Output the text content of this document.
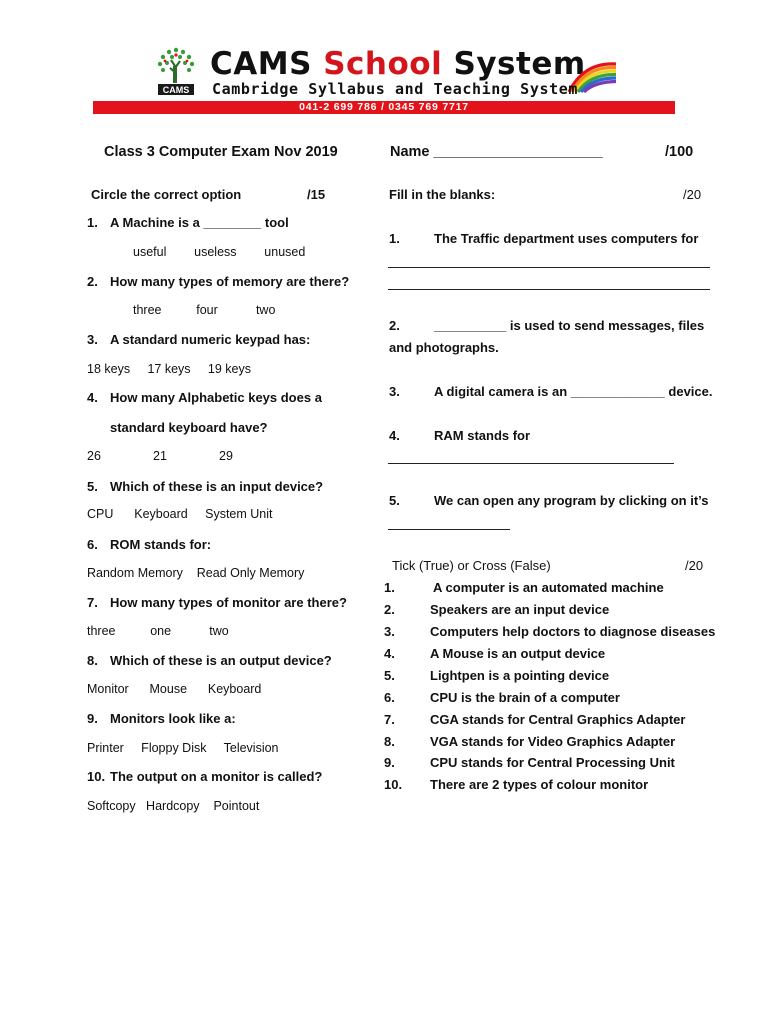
CAMS
CAMS School System
Cambridge Syllabus and Teaching System
041-2 699 786 / 0345 769 7717
Class 3 Computer Exam Nov 2019	Name _____________________	/100
Circle the correct option	/15
1. A Machine is a ________ tool
useful        useless        unused
2. How many types of memory are there?
three          four           two
3. A standard numeric keypad has:
18 keys     17 keys     19 keys
4. How many Alphabetic keys does a
standard keyboard have?
26               21               29
5. Which of these is an input device?
CPU      Keyboard     System Unit
6. ROM stands for:
Random Memory    Read Only Memory
7. How many types of monitor are there?
three          one           two
8. Which of these is an output device?
Monitor      Mouse      Keyboard
9. Monitors look like a:
Printer     Floppy Disk     Television
10. The output on a monitor is called?
Softcopy   Hardcopy    Pointout
Fill in the blanks:	/20
1.	The Traffic department uses computers for
2.	__________ is used to send messages, files
and photographs.
3.	A digital camera is an _____________ device.
4.	RAM stands for
5.	We can open any program by clicking on it’s
Tick (True) or Cross (False)	/20
1.	A computer is an automated machine
2.	Speakers are an input device
3.	Computers help doctors to diagnose diseases
4.	A Mouse is an output device
5.	Lightpen is a pointing device
6.	CPU is the brain of a computer
7.	CGA stands for Central Graphics Adapter
8.	VGA stands for Video Graphics Adapter
9.	CPU stands for Central Processing Unit
10. There are 2 types of colour monitor
